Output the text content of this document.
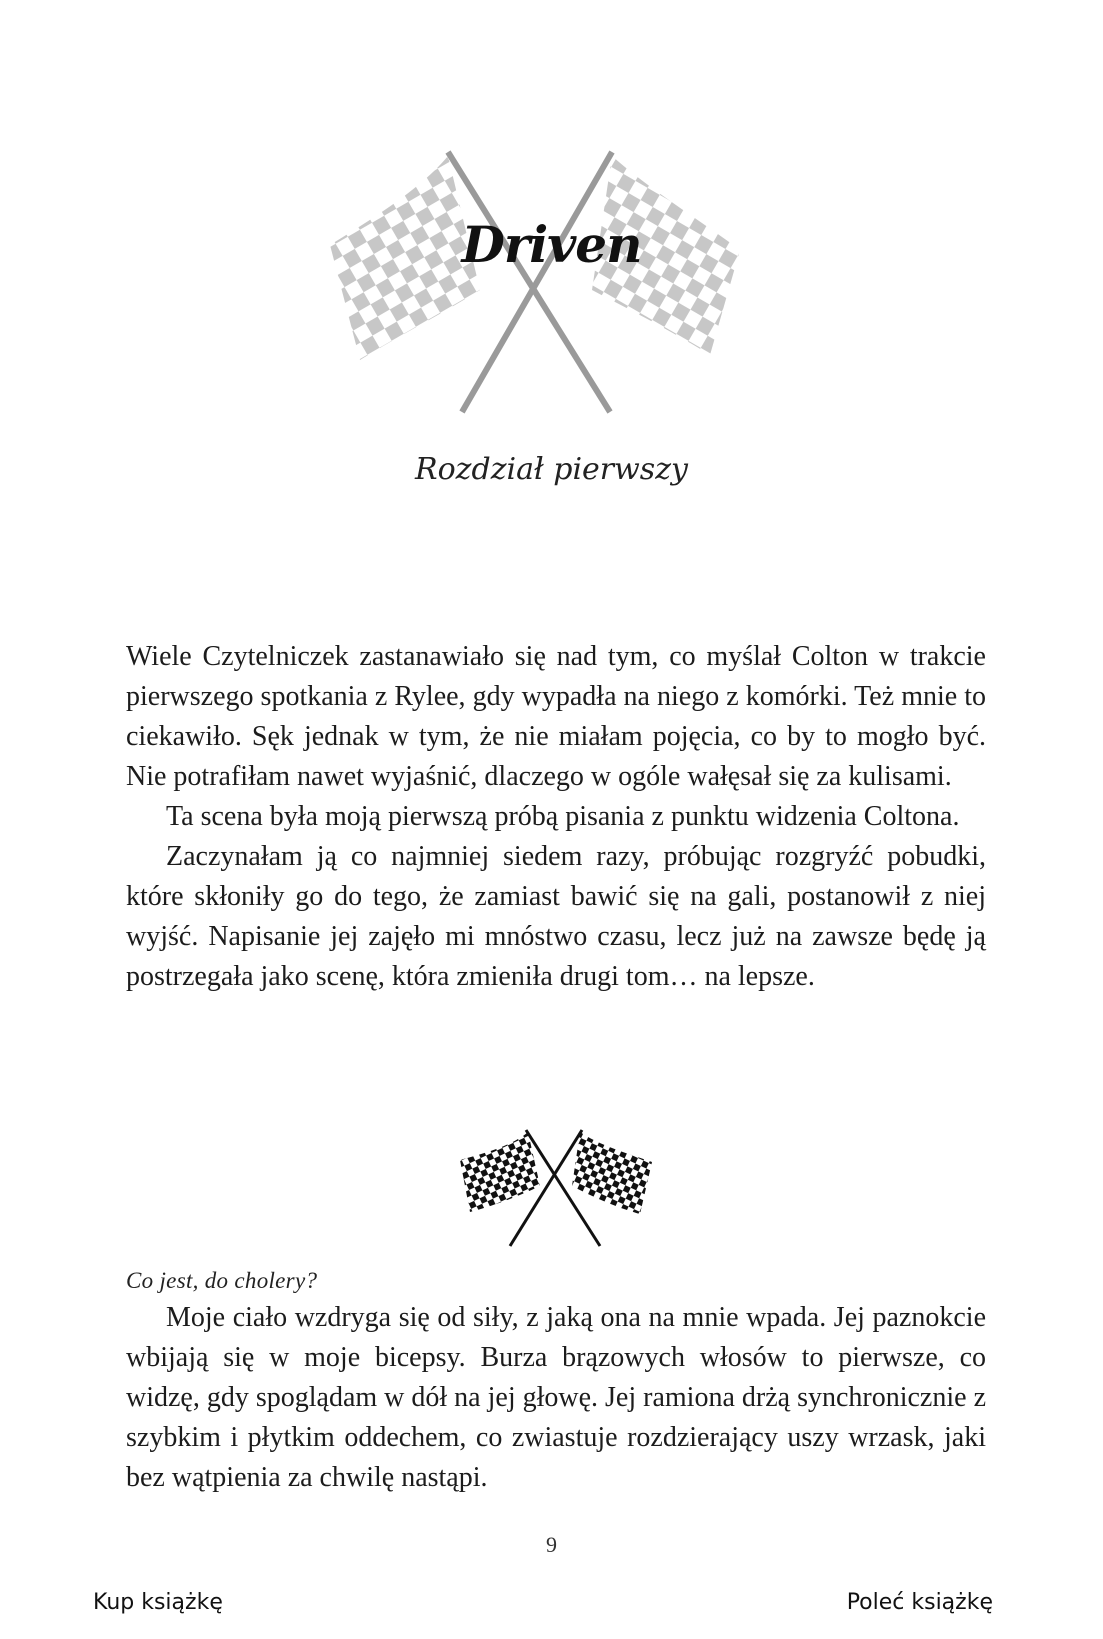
Driven
Rozdział pierwszy

Wiele Czytelniczek zastanawiało się nad tym, co myślał Colton w trakcie pierwszego spotkania z Rylee, gdy wypadła na niego z komórki. Też mnie to ciekawiło. Sęk jednak w tym, że nie miałam pojęcia, co by to mogło być. Nie potrafiłam nawet wyjaśnić, dlaczego w ogóle wałęsał się za kulisami.

Ta scena była moją pierwszą próbą pisania z punktu widzenia Coltona.

Zaczynałam ją co najmniej siedem razy, próbując rozgryźć pobudki, które skłoniły go do tego, że zamiast bawić się na gali, postanowił z niej wyjść. Napisanie jej zajęło mi mnóstwo czasu, lecz już na zawsze będę ją postrzegała jako scenę, która zmieniła drugi tom… na lepsze.

Co jest, do cholery?

Moje ciało wzdryga się od siły, z jaką ona na mnie wpada. Jej paznokcie wbijają się w moje bicepsy. Burza brązowych włosów to pierwsze, co widzę, gdy spoglądam w dół na jej głowę. Jej ramiona drżą synchronicznie z szybkim i płytkim oddechem, co zwiastuje rozdzierający uszy wrzask, jaki bez wątpienia za chwilę nastąpi.

9
Kup książkę	Poleć książkę
